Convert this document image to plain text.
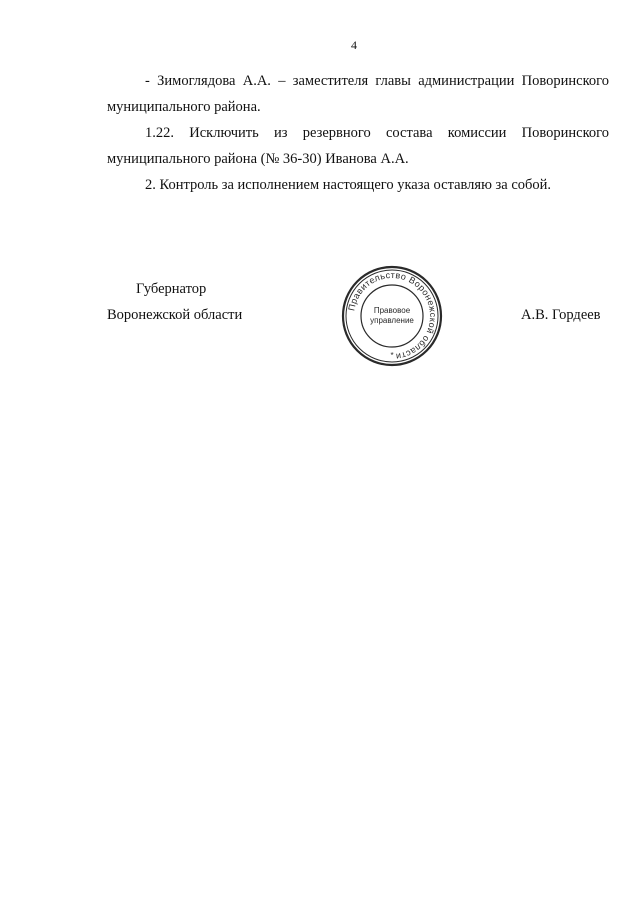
4

- Зимоглядова А.А. – заместителя главы администрации Поворинского муниципального района.

1.22. Исключить из резервного состава комиссии Поворинского муниципального района (№ 36-30) Иванова А.А.

2. Контроль за исполнением настоящего указа оставляю за собой.

Губернатор
Воронежской области	Правительство Воронежской области
Правовое
управление
*
А.В. Гордеев
